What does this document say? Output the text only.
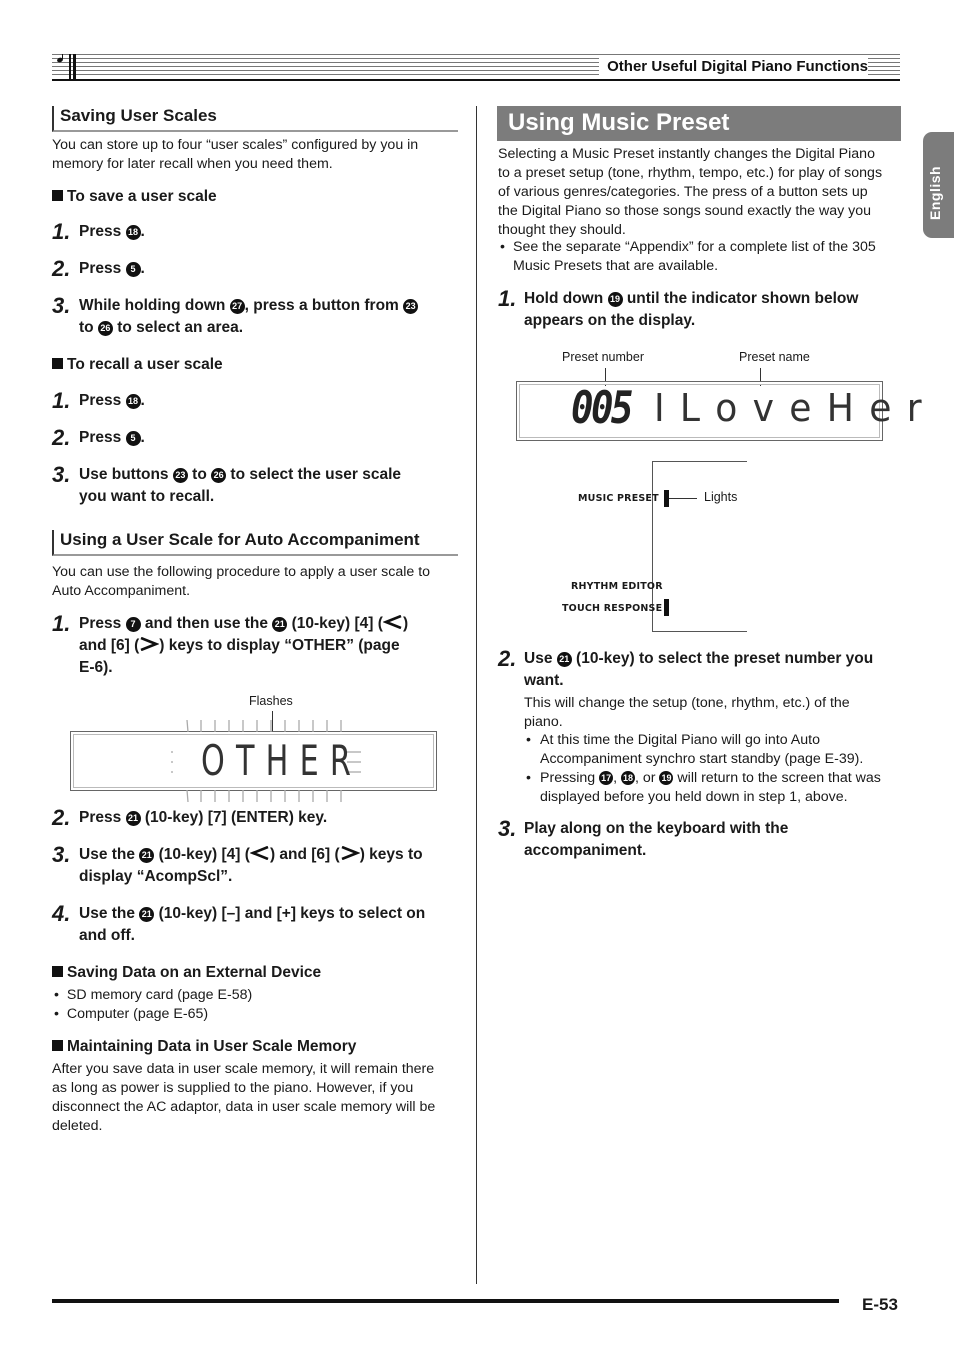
Other Useful Digital Piano Functions
English
Saving User Scales
You can store up to four “user scales” configured by you in
memory for later recall when you need them.
To save a user scale
1. Press 18 .
2. Press 5 .
3. While holding down 27 , press a button from 23
to 26 to select an area.
To recall a user scale
1. Press 18 .
2. Press 5 .
3. Use buttons 23 to 26 to select the user scale
you want to recall.
Using a User Scale for Auto Accompaniment
You can use the following procedure to apply a user scale to
Auto Accompaniment.
1. Press 7 and then use the 21 (10-key) [4] ( )
and [6] ( ) keys to display “OTHER” (page
E-6).
Flashes
OTHER
2. Press 21 (10-key) [7] (ENTER) key.
3. Use the 21 (10-key) [4] ( ) and [6] ( ) keys to
display “AcompScl”.
4. Use the 21 (10-key) [–] and [+] keys to select on
and off.
Saving Data on an External Device
• SD memory card (page E-58)
• Computer (page E-65)
Maintaining Data in User Scale Memory
After you save data in user scale memory, it will remain there
as long as power is supplied to the piano. However, if you
disconnect the AC adaptor, data in user scale memory will be
deleted.
Using Music Preset
Selecting a Music Preset instantly changes the Digital Piano
to a preset setup (tone, rhythm, tempo, etc.) for play of songs
of various genres/categories. The press of a button sets up
the Digital Piano so those songs sound exactly the way you
thought they should.
• See the separate “Appendix” for a complete list of the 305
Music Presets that are available.
1. Hold down 19 until the indicator shown below
appears on the display.
Preset number	Preset name
005 I L o v e H e r
MUSIC PRESET	Lights
RHYTHM EDITOR
TOUCH RESPONSE
2. Use 21 (10-key) to select the preset number you
want.
This will change the setup (tone, rhythm, etc.) of the
piano.
• At this time the Digital Piano will go into Auto
Accompaniment synchro start standby (page E-39).
• Pressing 17 , 18 , or 19 will return to the screen that was
displayed before you held down in step 1, above.
3. Play along on the keyboard with the
accompaniment.
E-53
